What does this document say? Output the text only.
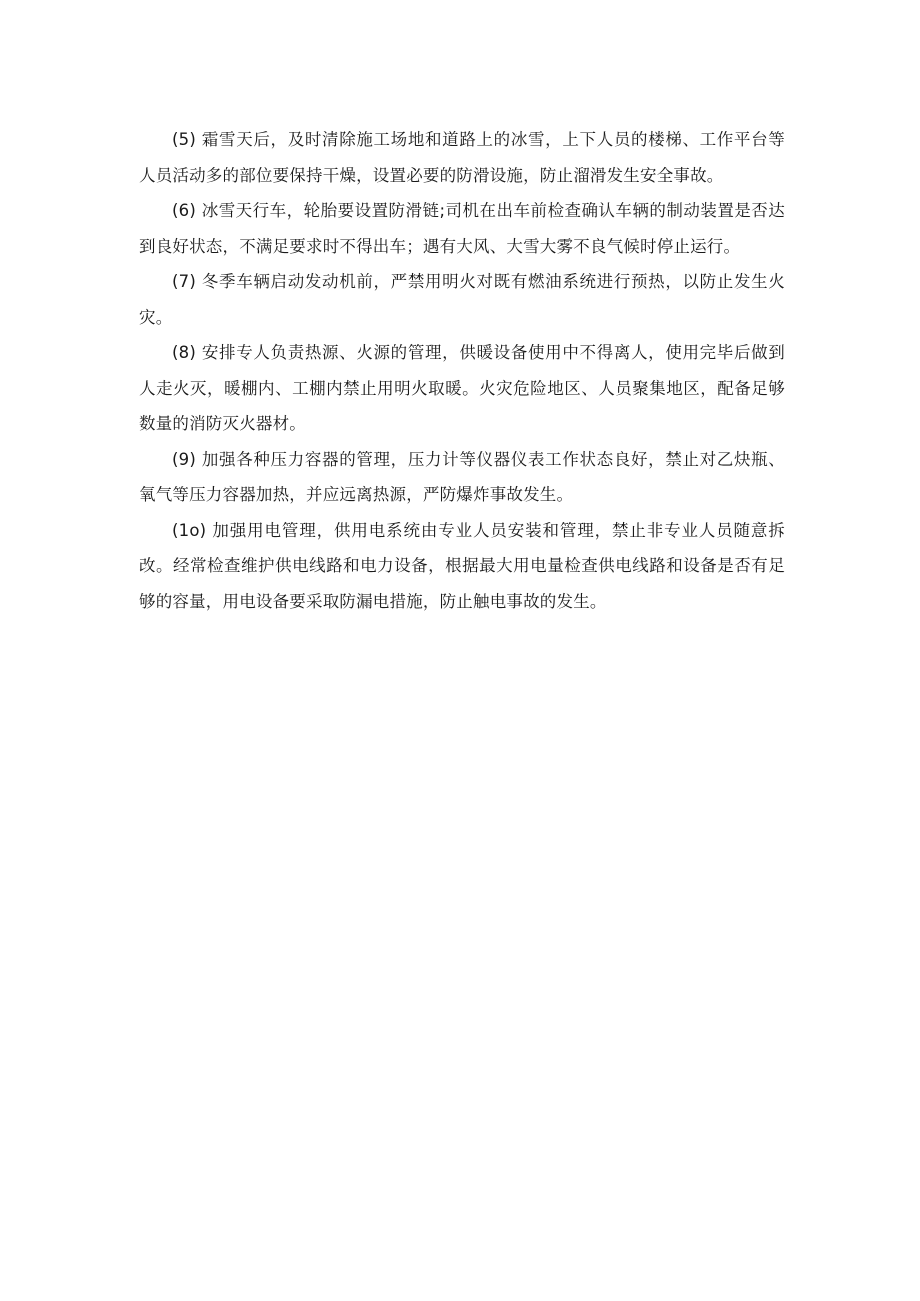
(5) 霜雪天后，及时清除施工场地和道路上的冰雪，上下人员的楼梯、工作平台等人员活动多的部位要保持干燥，设置必要的防滑设施，防止溜滑发生安全事故。

(6) 冰雪天行车，轮胎要设置防滑链;司机在出车前检查确认车辆的制动装置是否达到良好状态，不满足要求时不得出车；遇有大风、大雪大雾不良气候时停止运行。

(7) 冬季车辆启动发动机前，严禁用明火对既有燃油系统进行预热，以防止发生火灾。

(8) 安排专人负责热源、火源的管理，供暖设备使用中不得离人，使用完毕后做到人走火灭，暖棚内、工棚内禁止用明火取暖。火灾危险地区、人员聚集地区，配备足够数量的消防灭火器材。

(9) 加强各种压力容器的管理，压力计等仪器仪表工作状态良好，禁止对乙炔瓶、氧气等压力容器加热，并应远离热源，严防爆炸事故发生。

(1o) 加强用电管理，供用电系统由专业人员安装和管理，禁止非专业人员随意拆改。经常检查维护供电线路和电力设备，根据最大用电量检查供电线路和设备是否有足够的容量，用电设备要采取防漏电措施，防止触电事故的发生。
